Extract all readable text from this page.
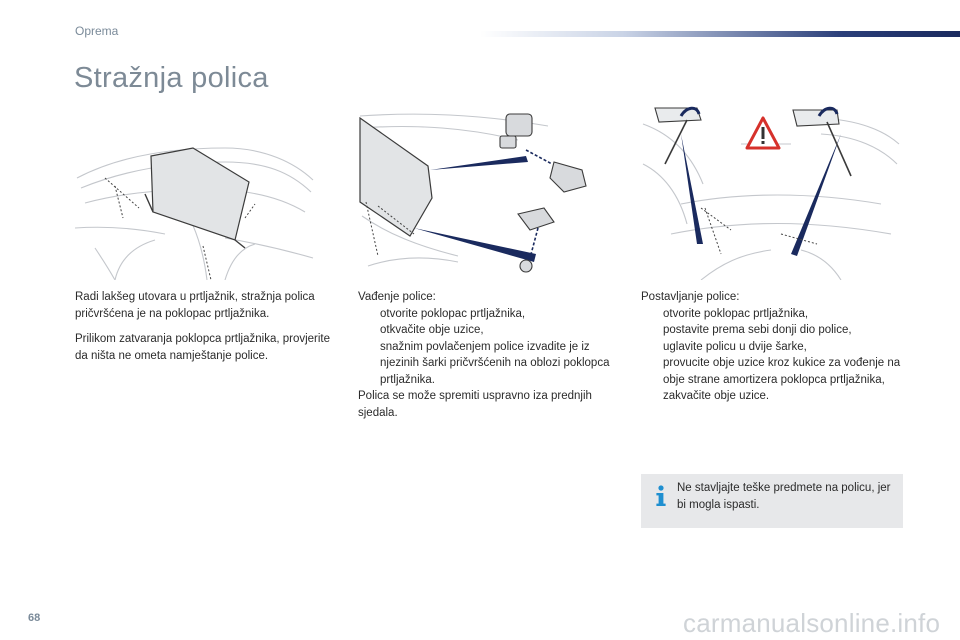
Oprema
Stražnja polica

Radi lakšeg utovara u prtljažnik, stražnja polica pričvršćena je na poklopac prtljažnika.

Prilikom zatvaranja poklopca prtljažnika, provjerite da ništa ne ometa namještanje police.

Vađenje police:
otvorite poklopac prtljažnika,
otkvačite obje uzice,
snažnim povlačenjem police izvadite je iz njezinih šarki pričvršćenih na oblozi poklopca prtljažnika.
Polica se može spremiti uspravno iza prednjih sjedala.
Postavljanje police:
otvorite poklopac prtljažnika,
postavite prema sebi donji dio police,
uglavite policu u dvije šarke,
provucite obje uzice kroz kukice za vođenje na obje strane amortizera poklopca prtljažnika,
zakvačite obje uzice.
Ne stavljajte teške predmete na policu, jer bi mogla ispasti.
68	carmanualsonline.info
